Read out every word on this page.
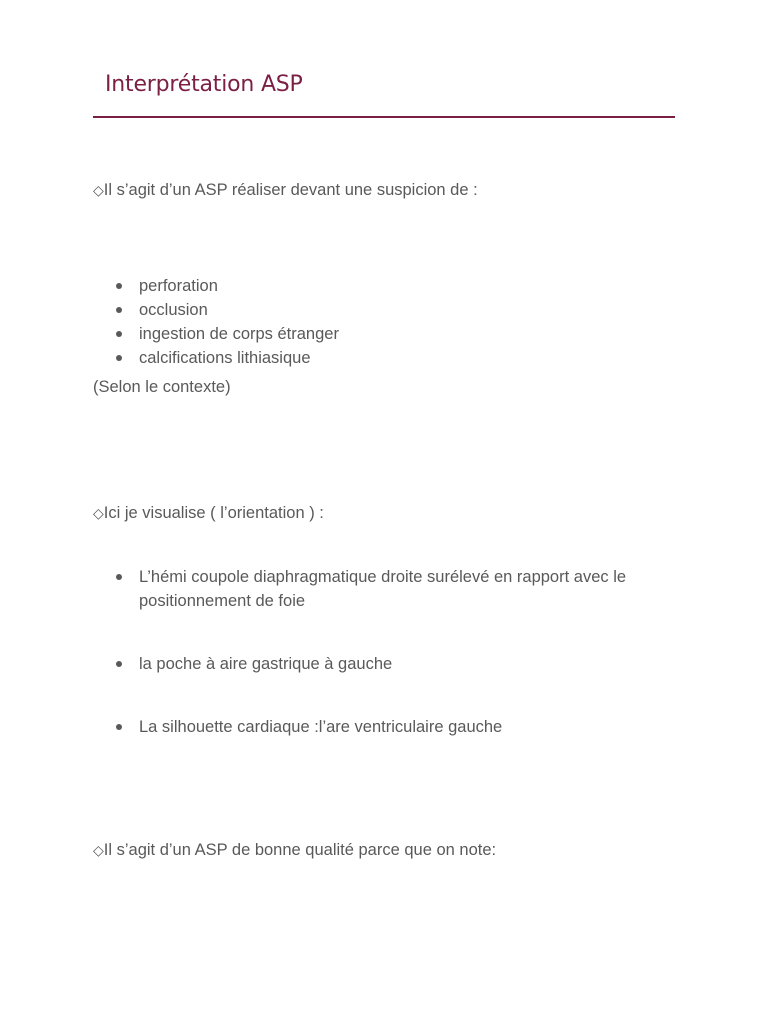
Interprétation ASP

◇Il s’agit d’un ASP réaliser devant une suspicion de :

perforation
occlusion
ingestion de corps étranger
calcifications lithiasique

(Selon le contexte)

◇Ici je visualise ( l’orientation ) :

L’hémi coupole diaphragmatique droite surélevé en rapport avec le positionnement de foie
la poche à aire gastrique à gauche
La silhouette cardiaque :l’are ventriculaire gauche

◇Il s’agit d’un ASP de bonne qualité parce que on note:
